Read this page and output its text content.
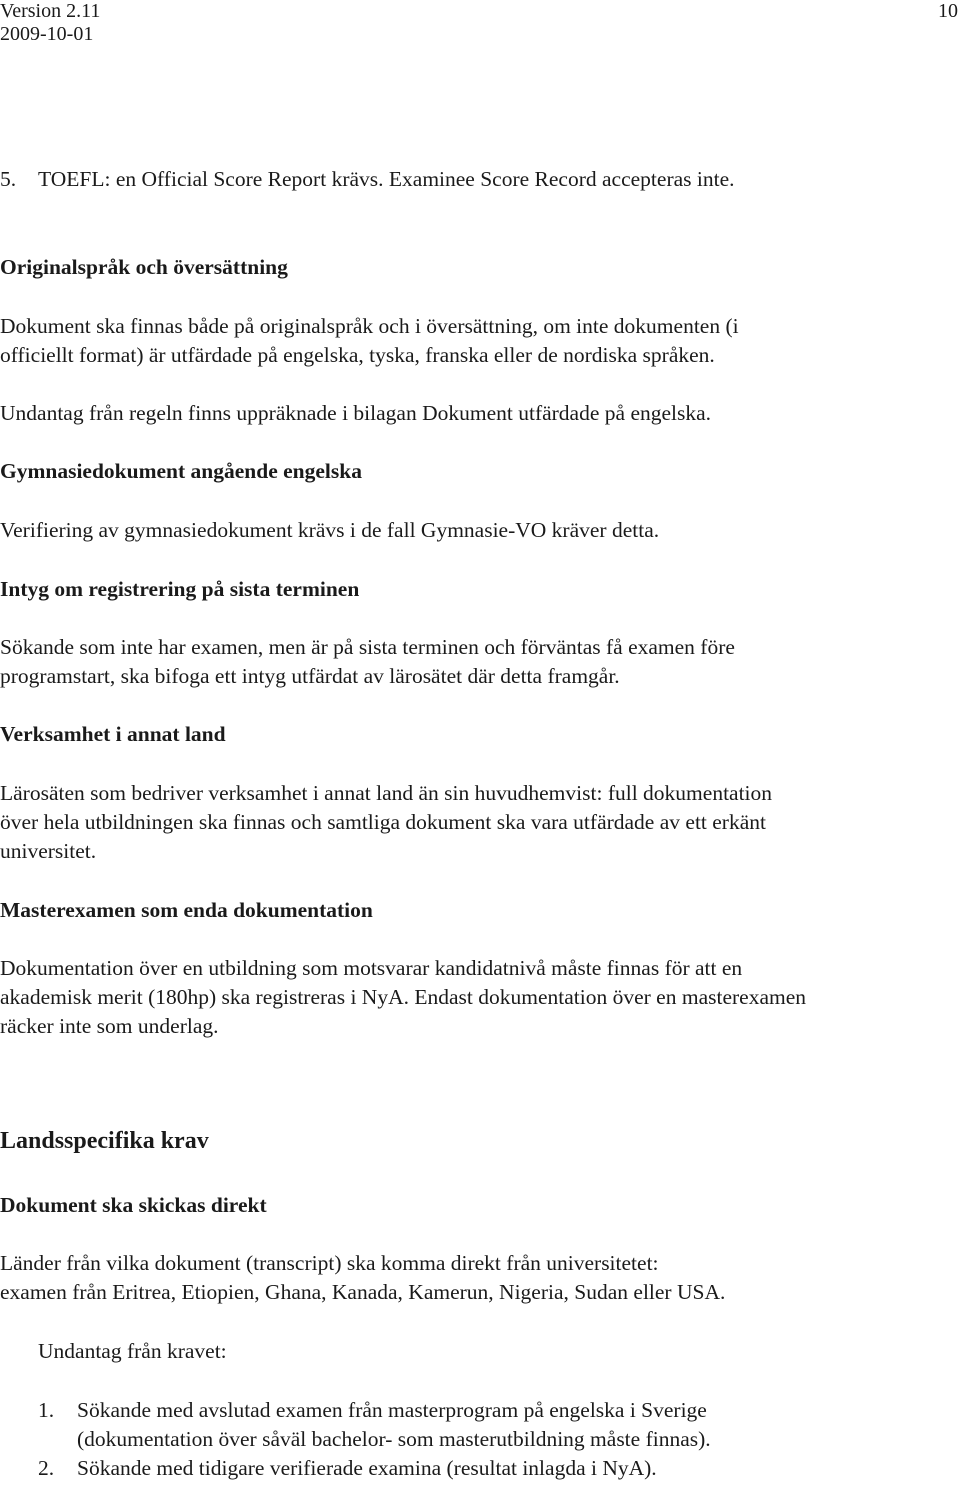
Version 2.11
2009-10-01
10
5. TOEFL: en Official Score Report krävs. Examinee Score Record accepteras inte.
Originalspråk och översättning
Dokument ska finnas både på originalspråk och i översättning, om inte dokumenten (i
officiellt format) är utfärdade på engelska, tyska, franska eller de nordiska språken.
Undantag från regeln finns uppräknade i bilagan Dokument utfärdade på engelska.
Gymnasiedokument angående engelska
Verifiering av gymnasiedokument krävs i de fall Gymnasie-VO kräver detta.
Intyg om registrering på sista terminen
Sökande som inte har examen, men är på sista terminen och förväntas få examen före
programstart, ska bifoga ett intyg utfärdat av lärosätet där detta framgår.
Verksamhet i annat land
Lärosäten som bedriver verksamhet i annat land än sin huvudhemvist: full dokumentation
över hela utbildningen ska finnas och samtliga dokument ska vara utfärdade av ett erkänt
universitet.
Masterexamen som enda dokumentation
Dokumentation över en utbildning som motsvarar kandidatnivå måste finnas för att en
akademisk merit (180hp) ska registreras i NyA. Endast dokumentation över en masterexamen
räcker inte som underlag.
Landsspecifika krav
Dokument ska skickas direkt
Länder från vilka dokument (transcript) ska komma direkt från universitetet:
examen från Eritrea, Etiopien, Ghana, Kanada, Kamerun, Nigeria, Sudan eller USA.
Undantag från kravet:
1. Sökande med avslutad examen från masterprogram på engelska i Sverige
(dokumentation över såväl bachelor- som masterutbildning måste finnas).
2. Sökande med tidigare verifierade examina (resultat inlagda i NyA).
